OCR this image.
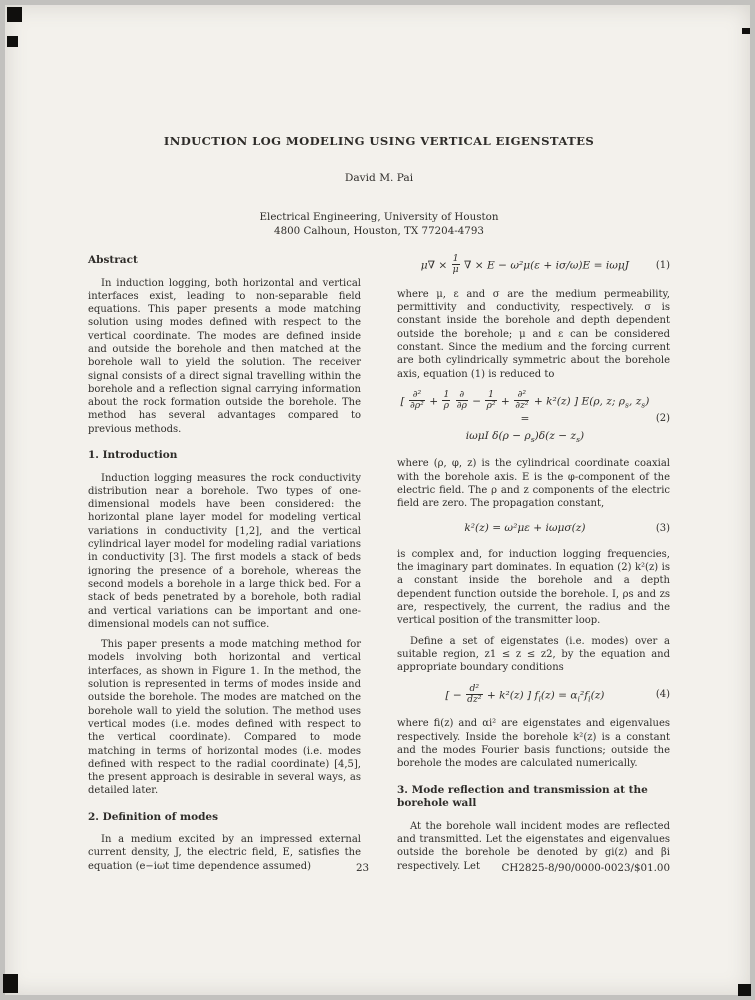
INDUCTION LOG MODELING USING VERTICAL EIGENSTATES
David M. Pai
Electrical Engineering, University of Houston
4800 Calhoun, Houston, TX 77204-4793
Abstract

In induction logging, both horizontal and vertical interfaces exist, leading to non-separable field equations. This paper presents a mode matching solution using modes defined with respect to the vertical coordinate. The modes are defined inside and outside the borehole and then matched at the borehole wall to yield the solution. The receiver signal consists of a direct signal travelling within the borehole and a reflection signal carrying information about the rock formation outside the borehole. The method has several advantages compared to previous methods.

1. Introduction

Induction logging measures the rock conductivity distribution near a borehole. Two types of one-dimensional models have been considered: the horizontal plane layer model for modeling vertical variations in conductivity [1,2], and the vertical cylindrical layer model for modeling radial variations in conductivity [3]. The first models a stack of beds ignoring the presence of a borehole, whereas the second models a borehole in a large thick bed. For a stack of beds penetrated by a borehole, both radial and vertical variations can be important and one-dimensional models can not suffice.

This paper presents a mode matching method for models involving both horizontal and vertical interfaces, as shown in Figure 1. In the method, the solution is represented in terms of modes inside and outside the borehole. The modes are matched on the borehole wall to yield the solution. The method uses vertical modes (i.e. modes defined with respect to the vertical coordinate). Compared to mode matching in terms of horizontal modes (i.e. modes defined with respect to the radial coordinate) [4,5], the present approach is desirable in several ways, as detailed later.

2. Definition of modes

In a medium excited by an impressed external current density, J, the electric field, E, satisfies the equation (e−iωt time dependence assumed)

$\mu\nabla \times \frac{1}{\mu}$ ∇ × E − ω²μ(ε + iσ/ω)E = iωμJ	(1)

where μ, ε and σ are the medium permeability, permittivity and conductivity, respectively. σ is constant inside the borehole and depth dependent outside the borehole; μ and ε can be considered constant. Since the medium and the forcing current are both cylindrically symmetric about the borehole axis, equation (1) is reduced to

[ $\frac{\text{∂²}}{\text{∂ρ²}} + \frac{1}{\rho}$
$\frac{\partial}{\partial\rho} - \frac{1}{\text{ρ²}} + \frac{\text{∂²}}{\text{∂z²}} + k^2(z)$ ] E(ρ, z; $\rho_s$, $z_s$) =
iωμI $\delta(\rho - \rho_s)\delta(z - z_s)$
(2)

where (ρ, φ, z) is the cylindrical coordinate coaxial with the borehole axis. E is the φ-component of the electric field. The ρ and z components of the electric field are zero. The propagation constant,

k²(z) = ω²με + iωμσ(z)	(3)

is complex and, for induction logging frequencies, the imaginary part dominates. In equation (2) k²(z) is a constant inside the borehole and a depth dependent function outside the borehole. I, ρs and zs are, respectively, the current, the radius and the vertical position of the transmitter loop.

Define a set of eigenstates (i.e. modes) over a suitable region, z1 ≤ z ≤ z2, by the equation and appropriate boundary conditions

[ − $\frac{\text{d²}}{\text{dz²}} + k^2(z)$ ] $f_i(z) = \alpha_i^2f_i(z)$	(4)

where fi(z) and αi² are eigenstates and eigenvalues respectively. Inside the borehole k²(z) is a constant and the modes Fourier basis functions; outside the borehole the modes are calculated numerically.

3. Mode reflection and transmission at the borehole wall

At the borehole wall incident modes are reflected and transmitted. Let the eigenstates and eigenvalues outside the borehole be denoted by gi(z) and βi respectively. Let

23	CH2825-8/90/0000-0023/$01.00
